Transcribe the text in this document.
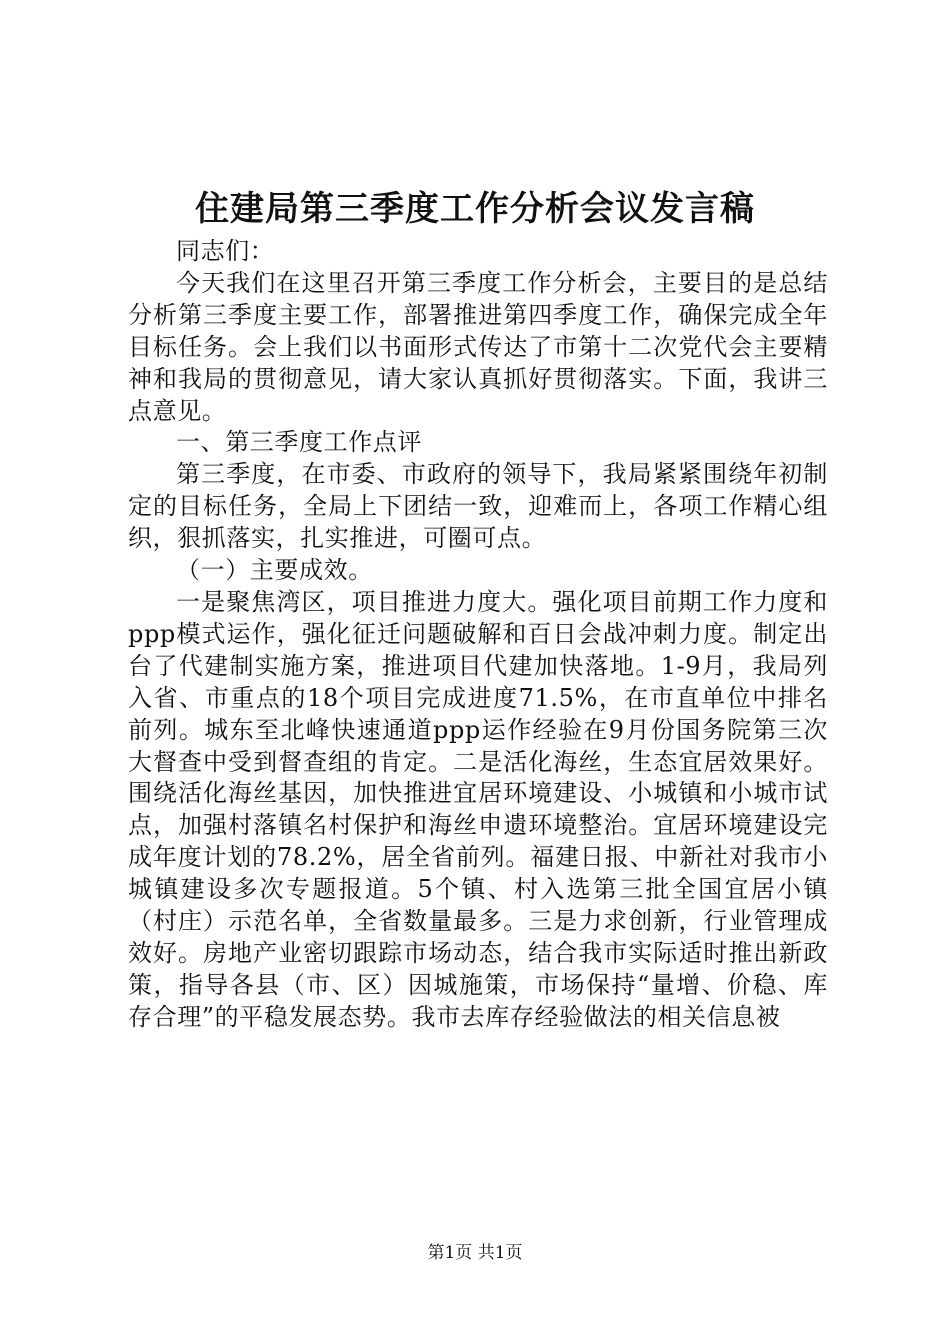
住建局第三季度工作分析会议发言稿

同志们：

今天我们在这里召开第三季度工作分析会，主要目的是总结分析第三季度主要工作，部署推进第四季度工作，确保完成全年目标任务。会上我们以书面形式传达了市第十二次党代会主要精神和我局的贯彻意见，请大家认真抓好贯彻落实。下面，我讲三点意见。

一、第三季度工作点评

第三季度，在市委、市政府的领导下，我局紧紧围绕年初制定的目标任务，全局上下团结一致，迎难而上，各项工作精心组织，狠抓落实，扎实推进，可圈可点。

（一）主要成效。

一是聚焦湾区，项目推进力度大。强化项目前期工作力度和ppp模式运作，强化征迁问题破解和百日会战冲刺力度。制定出台了代建制实施方案，推进项目代建加快落地。1-9月，我局列入省、市重点的18个项目完成进度71.5%，在市直单位中排名前列。城东至北峰快速通道ppp运作经验在9月份国务院第三次大督查中受到督查组的肯定。二是活化海丝，生态宜居效果好。围绕活化海丝基因，加快推进宜居环境建设、小城镇和小城市试点，加强村落镇名村保护和海丝申遗环境整治。宜居环境建设完成年度计划的78.2%，居全省前列。福建日报、中新社对我市小城镇建设多次专题报道。5个镇、村入选第三批全国宜居小镇（村庄）示范名单，全省数量最多。三是力求创新，行业管理成效好。房地产业密切跟踪市场动态，结合我市实际适时推出新政策，指导各县（市、区）因城施策，市场保持“量增、价稳、库存合理”的平稳发展态势。我市去库存经验做法的相关信息被

第1页 共1页
